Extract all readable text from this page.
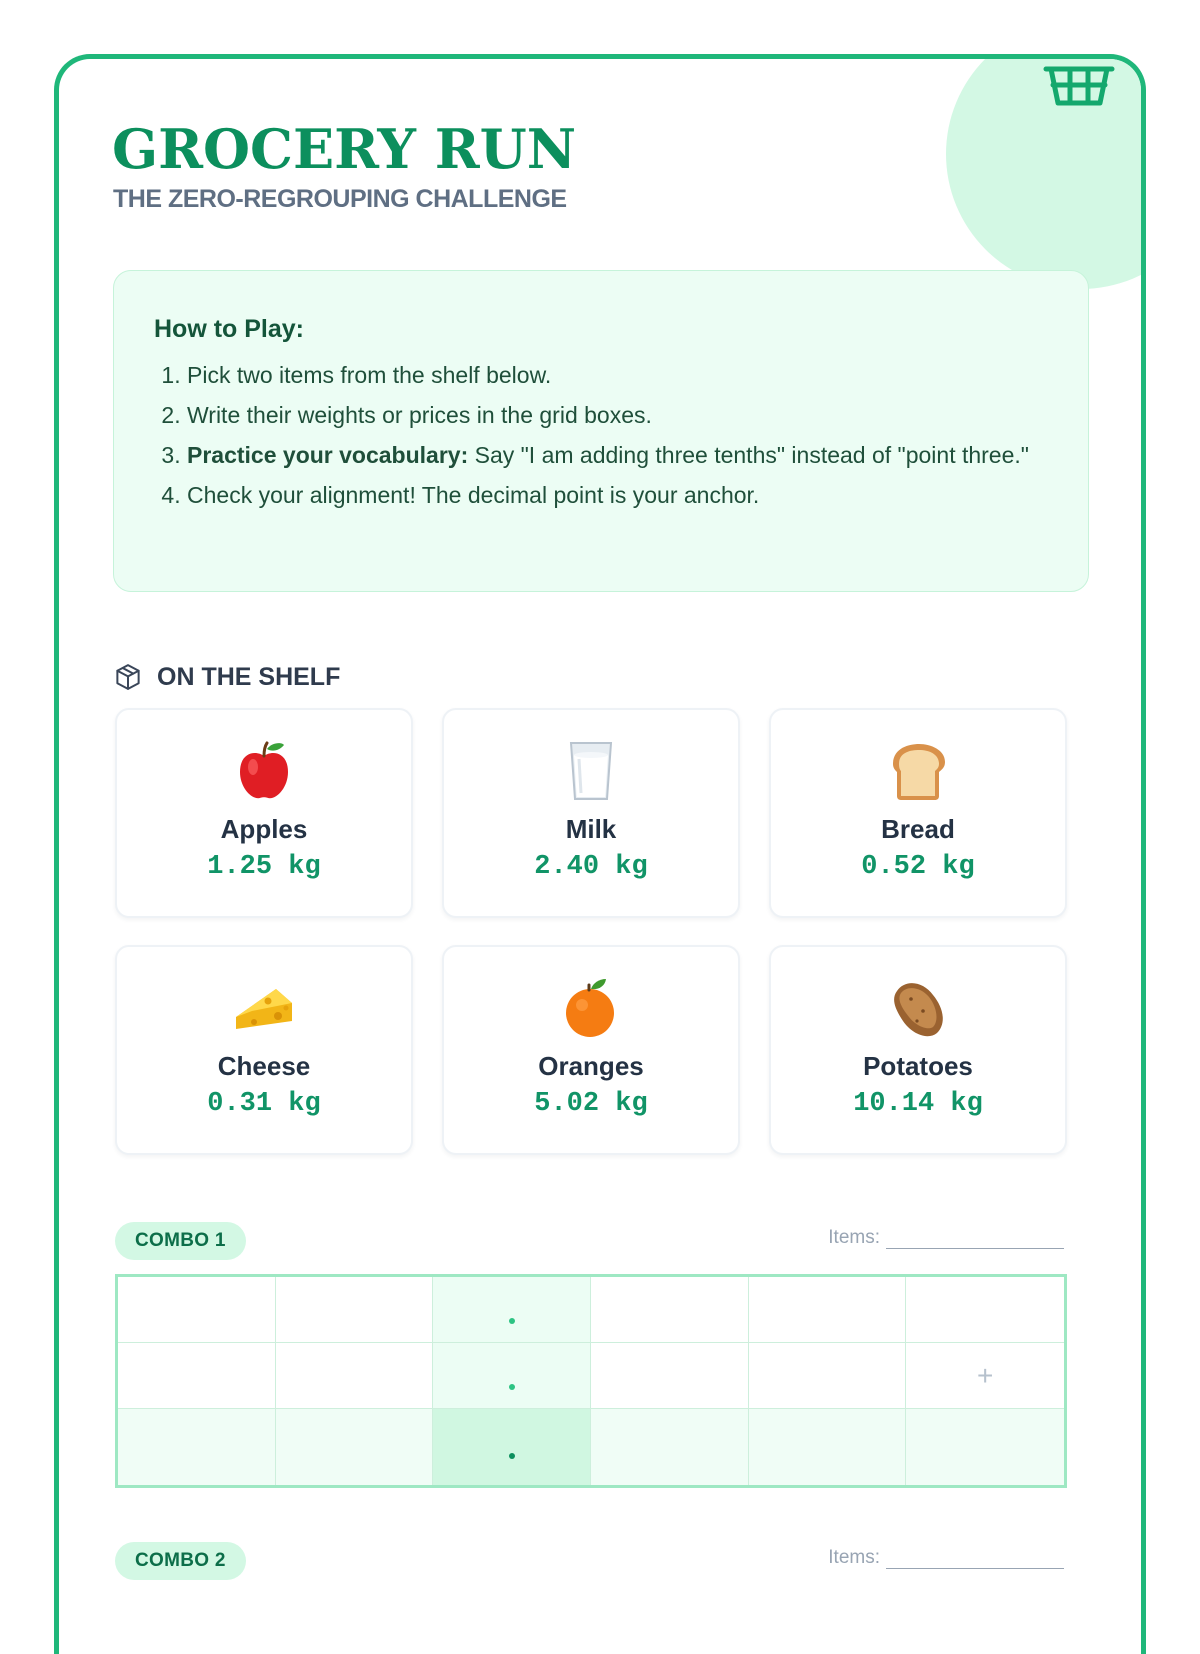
GROCERY RUN
THE ZERO-REGROUPING CHALLENGE
How to Play:
1. Pick two items from the shelf below.
2. Write their weights or prices in the grid boxes.
3. Practice your vocabulary: Say "I am adding three tenths" instead of "point three."
4. Check your alignment! The decimal point is your anchor.
ON THE SHELF
Apples
1.25 kg
Milk
2.40 kg
Bread
0.52 kg
Cheese
0.31 kg
Oranges
5.02 kg
Potatoes
10.14 kg
COMBO 1	Items:
+
COMBO 2	Items:
